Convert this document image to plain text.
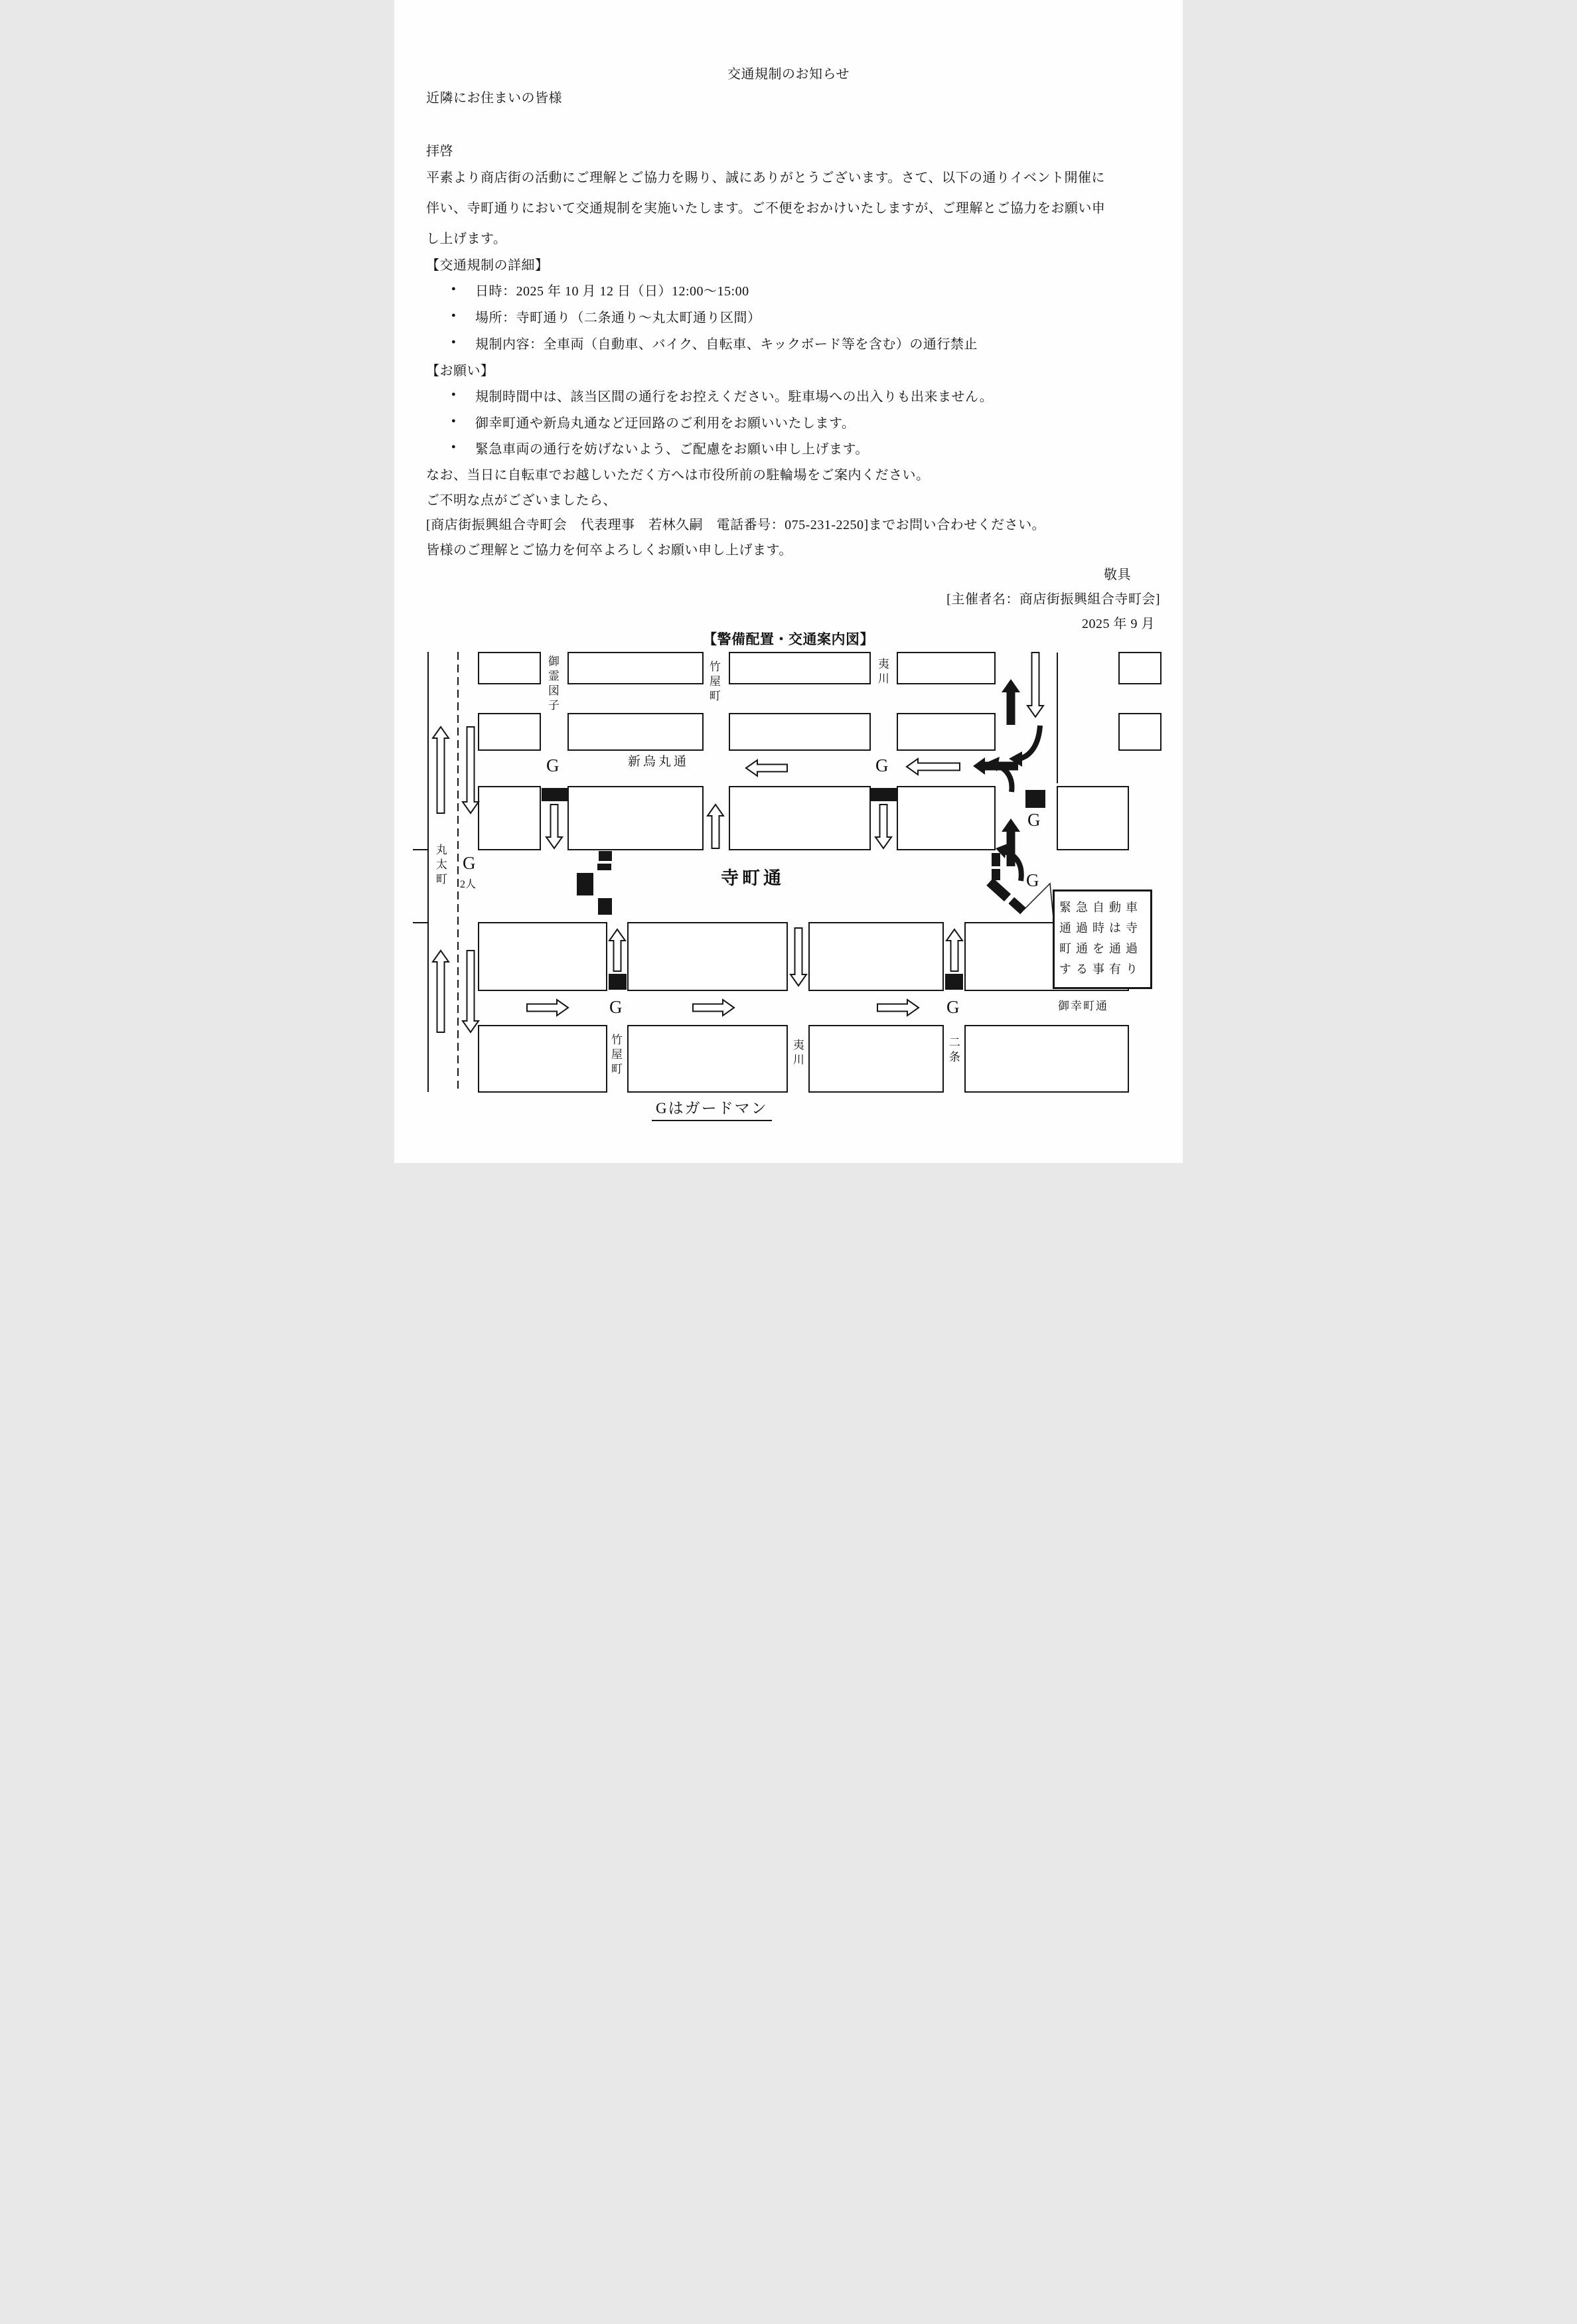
交通規制のお知らせ
近隣にお住まいの皆様
拝啓
平素より商店街の活動にご理解とご協力を賜り、誠にありがとうございます。さて、以下の通りイベント開催に
伴い、寺町通りにおいて交通規制を実施いたします。ご不便をおかけいたしますが、ご理解とご協力をお願い申
し上げます。
【交通規制の詳細】
● 日時：2025 年 10 月 12 日（日）12:00～15:00
● 場所：寺町通り（二条通り～丸太町通り区間）
● 規制内容：全車両（自動車、バイク、自転車、キックボード等を含む）の通行禁止
【お願い】
● 規制時間中は、該当区間の通行をお控えください。駐車場への出入りも出来ません。
● 御幸町通や新烏丸通など迂回路のご利用をお願いいたします。
● 緊急車両の通行を妨げないよう、ご配慮をお願い申し上げます。
なお、当日に自転車でお越しいただく方へは市役所前の駐輪場をご案内ください。
ご不明な点がございましたら、
[商店街振興組合寺町会　代表理事　若林久嗣　電話番号：075-231-2250]までお問い合わせください。
皆様のご理解とご協力を何卒よろしくお願い申し上げます。
敬具
[主催者名：商店街振興組合寺町会]
2025 年 9 月
【警備配置・交通案内図】
丸太町
御霊図子	竹屋町	夷川
新烏丸通
寺町通
御幸町通
竹屋町	夷川	二条
G	G
G
G
G
G	G
2人
緊急自動車
通過時は寺
町通を通過
する事有り
Gはガードマン
